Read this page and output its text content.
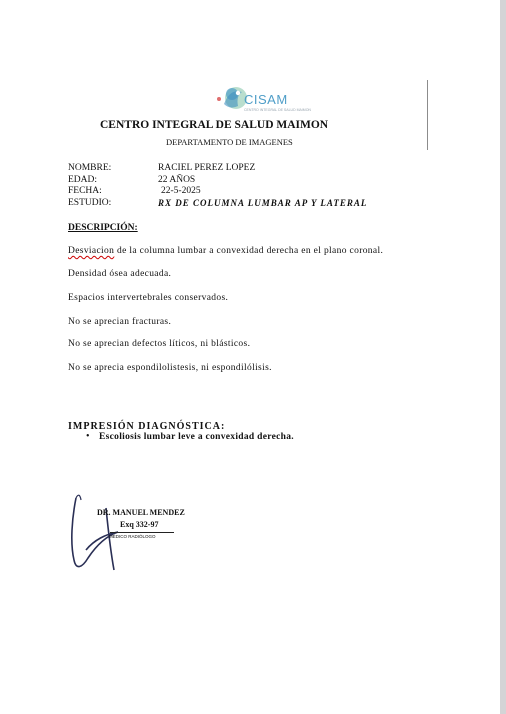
CISAM
CENTRO INTEGRAL DE SALUD MAIMON
CENTRO INTEGRAL DE SALUD MAIMON
DEPARTAMENTO DE IMAGENES
NOMBRE:	RACIEL PEREZ LOPEZ
EDAD:	22 AÑOS
FECHA:	22-5-2025
ESTUDIO:	RX DE COLUMNA LUMBAR AP Y LATERAL
DESCRIPCIÓN:
Desviacion de la columna lumbar a convexidad derecha en el plano coronal.
Densidad ósea adecuada.
Espacios intervertebrales conservados.
No se aprecian fracturas.
No se aprecian defectos líticos, ni blásticos.
No se aprecia espondilolistesis, ni espondilólisis.
IMPRESIÓN DIAGNÓSTICA:
• Escoliosis lumbar leve a convexidad derecha.
DR. MANUEL MENDEZ
Exq 332-97
MÉDICO RADIÓLOGO
